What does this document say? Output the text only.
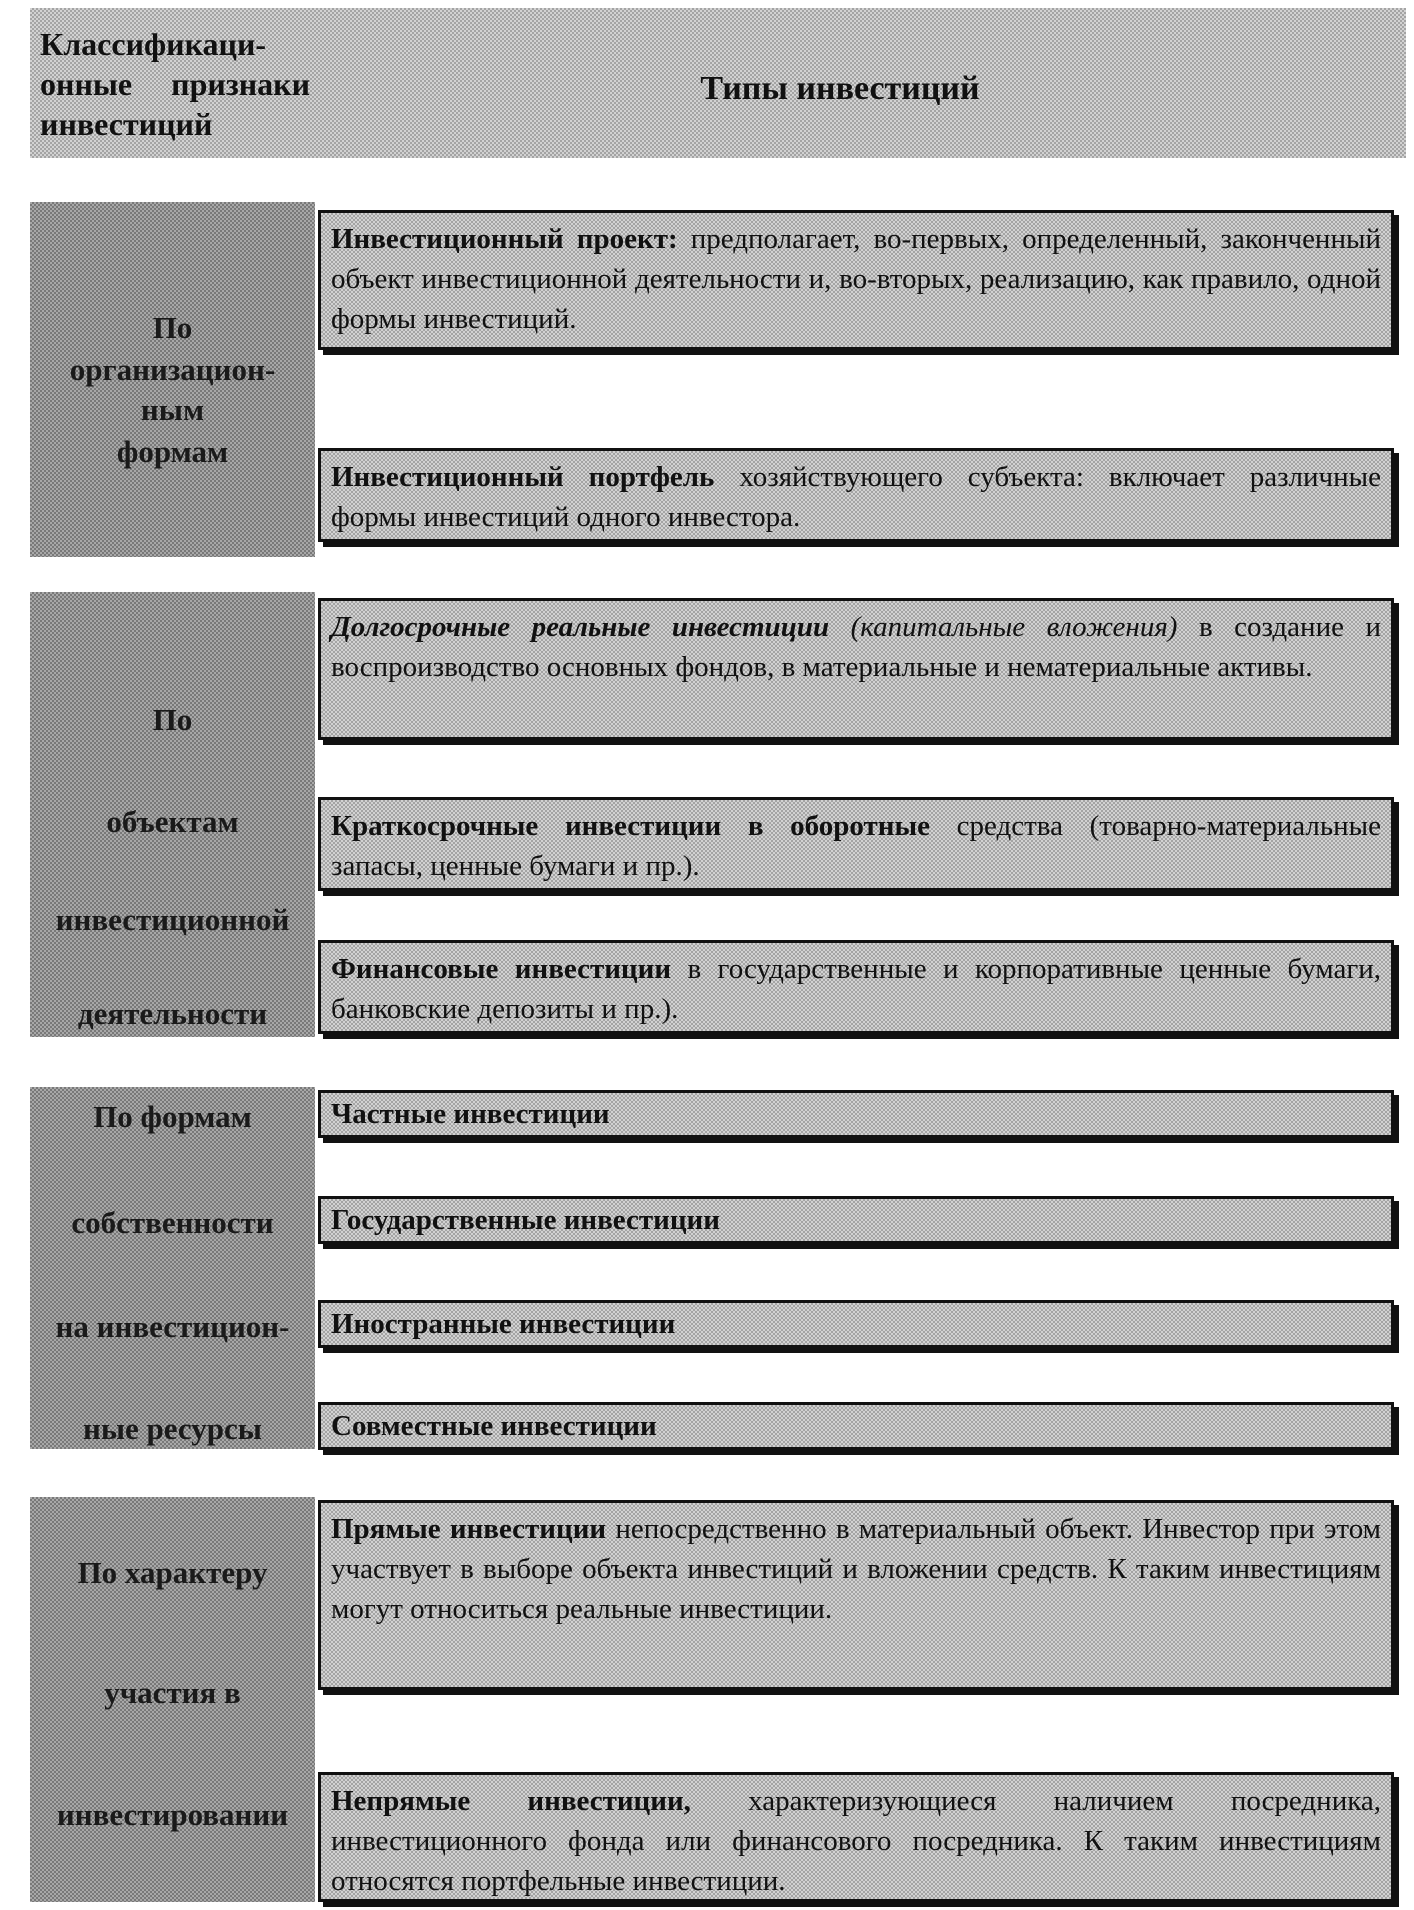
Классификаци-онные признаки инвестиций
Типы инвестиций
По
организацион-
ным
формам
Инвестиционный проект: предполагает, во-первых, определенный, законченный объект инвестиционной деятельности и, во-вторых, реализацию, как правило, одной формы инвестиций.
Инвестиционный портфель хозяйствующего субъекта: включает различные формы инвестиций одного инвестора.
По
объектам
инвестиционной
деятельности
Долгосрочные реальные инвестиции (капитальные вложения) в создание и воспроизводство основных фондов, в материальные и нематериальные активы.
Краткосрочные инвестиции в оборотные средства (товарно-материальные запасы, ценные бумаги и пр.).
Финансовые инвестиции в государственные и корпоративные ценные бумаги, банковские депозиты и пр.).
По формам
собственности
на инвестицион-
ные ресурсы
Частные инвестиции
Государственные инвестиции
Иностранные инвестиции
Совместные инвестиции
По характеру
участия в
инвестировании
Прямые инвестиции непосредственно в материальный объект. Инвестор при этом участвует в выборе объекта инвестиций и вложении средств. К таким инвестициям могут относиться реальные инвестиции.
Непрямые инвестиции, характеризующиеся наличием посредника, инвестиционного фонда или финансового посредника. К таким инвестициям относятся портфельные инвестиции.
